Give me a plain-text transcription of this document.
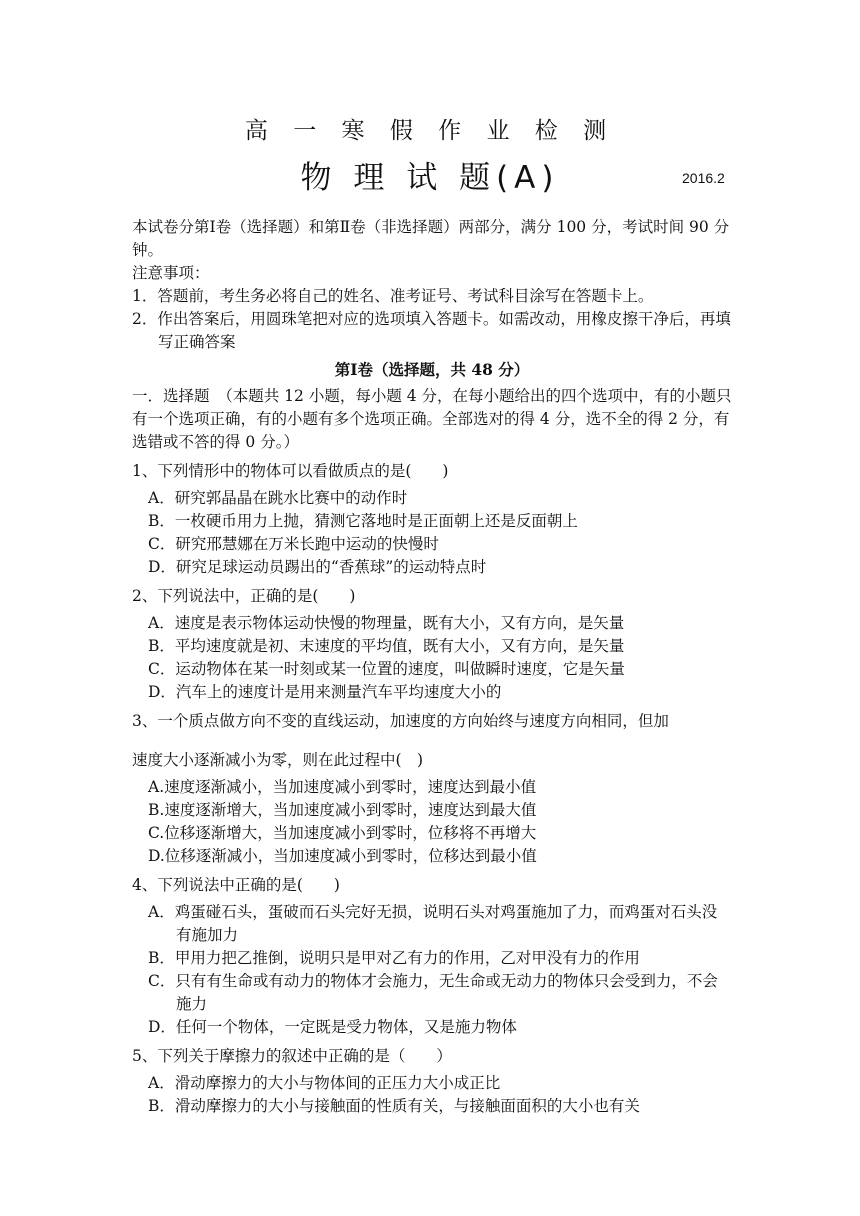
高 一 寒 假 作 业 检 测
物 理 试 题(A)	2016.2

本试卷分第Ⅰ卷（选择题）和第Ⅱ卷（非选择题）两部分，满分 100 分，考试时间 90 分钟。

注意事项：

1．答题前，考生务必将自己的姓名、准考证号、考试科目涂写在答题卡上。

2．作出答案后，用圆珠笔把对应的选项填入答题卡。如需改动，用橡皮擦干净后，再填写正确答案

第Ⅰ卷（选择题，共 48 分）

一．选择题　（本题共 12 小题，每小题 4 分，在每小题给出的四个选项中，有的小题只有一个选项正确，有的小题有多个选项正确。全部选对的得 4 分，选不全的得 2 分，有选错或不答的得 0 分。）

1、下列情形中的物体可以看做质点的是(　　)

A．研究郭晶晶在跳水比赛中的动作时

B．一枚硬币用力上抛，猜测它落地时是正面朝上还是反面朝上

C．研究邢慧娜在万米长跑中运动的快慢时

D．研究足球运动员踢出的“香蕉球”的运动特点时

2、下列说法中，正确的是(　　)

A．速度是表示物体运动快慢的物理量，既有大小，又有方向，是矢量

B．平均速度就是初、末速度的平均值，既有大小，又有方向，是矢量

C．运动物体在某一时刻或某一位置的速度，叫做瞬时速度，它是矢量

D．汽车上的速度计是用来测量汽车平均速度大小的

3、一个质点做方向不变的直线运动，加速度的方向始终与速度方向相同，但加

速度大小逐渐减小为零，则在此过程中(　)

A.速度逐渐减小，当加速度减小到零时，速度达到最小值

B.速度逐渐增大，当加速度减小到零时，速度达到最大值

C.位移逐渐增大，当加速度减小到零时，位移将不再增大

D.位移逐渐减小，当加速度减小到零时，位移达到最小值

4、下列说法中正确的是(　　)

A．鸡蛋碰石头，蛋破而石头完好无损，说明石头对鸡蛋施加了力，而鸡蛋对石头没有施加力

B．甲用力把乙推倒，说明只是甲对乙有力的作用，乙对甲没有力的作用

C．只有有生命或有动力的物体才会施力，无生命或无动力的物体只会受到力，不会施力

D．任何一个物体，一定既是受力物体，又是施力物体

5、下列关于摩擦力的叙述中正确的是（　　）

A．滑动摩擦力的大小与物体间的正压力大小成正比

B．滑动摩擦力的大小与接触面的性质有关，与接触面面积的大小也有关
